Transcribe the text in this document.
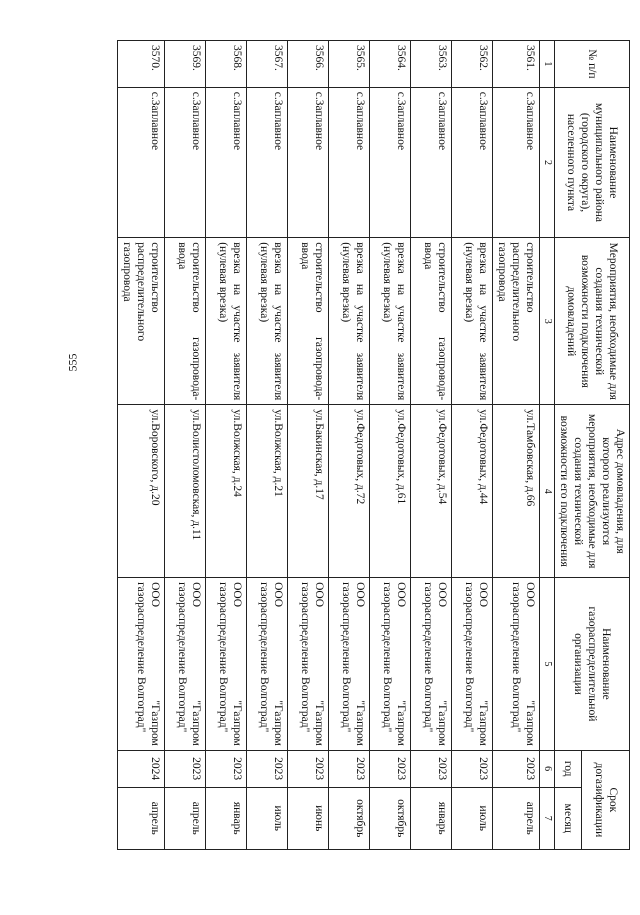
555
№ п/п	Наименование муниципального района (городского округа), населенного пункта	Мероприятия, необходимые для создания технической возможности подключения домовладений	Адрес домовладения, для которого реализуются мероприятия, необходимые для создания технической возможности его подключения	Наименование газораспределительной организации	Срок догазификации	
					год	месяц
1	2	3	4	5	6	7
3561.	с.Заплавное	строительство распределительного газопровода	ул.Тамбовская, д.66	ООО "Газпром газораспределение Волгоград"	2023	апрель
3562.	с.Заплавное	врезка на участке заявителя (нулевая врезка)	ул.Федотовых, д.44	ООО "Газпром газораспределение Волгоград"	2023	июль
3563.	с.Заплавное	строительство газопровода-ввода	ул.Федотовых, д.54	ООО "Газпром газораспределение Волгоград"	2023	январь
3564.	с.Заплавное	врезка на участке заявителя (нулевая врезка)	ул.Федотовых, д.61	ООО "Газпром газораспределение Волгоград"	2023	октябрь
3565.	с.Заплавное	врезка на участке заявителя (нулевая врезка)	ул.Федотовых, д.72	ООО "Газпром газораспределение Волгоград"	2023	октябрь
3566.	с.Заплавное	строительство газопровода-ввода	ул.Бакинская, д.17	ООО "Газпром газораспределение Волгоград"	2023	июнь
3567.	с.Заплавное	врезка на участке заявителя (нулевая врезка)	ул.Волжская, д.21	ООО "Газпром газораспределение Волгоград"	2023	июль
3568.	с.Заплавное	врезка на участке заявителя (нулевая врезка)	ул.Волжская, д.24	ООО "Газпром газораспределение Волгоград"	2023	январь
3569.	с.Заплавное	строительство газопровода-ввода	ул.Волистоломовская, д.11	ООО "Газпром газораспределение Волгоград"	2023	апрель
3570.	с.Заплавное	строительство распределительного газопровода	ул.Воровского, д.20	ООО "Газпром газораспределение Волгоград"	2024	апрель
